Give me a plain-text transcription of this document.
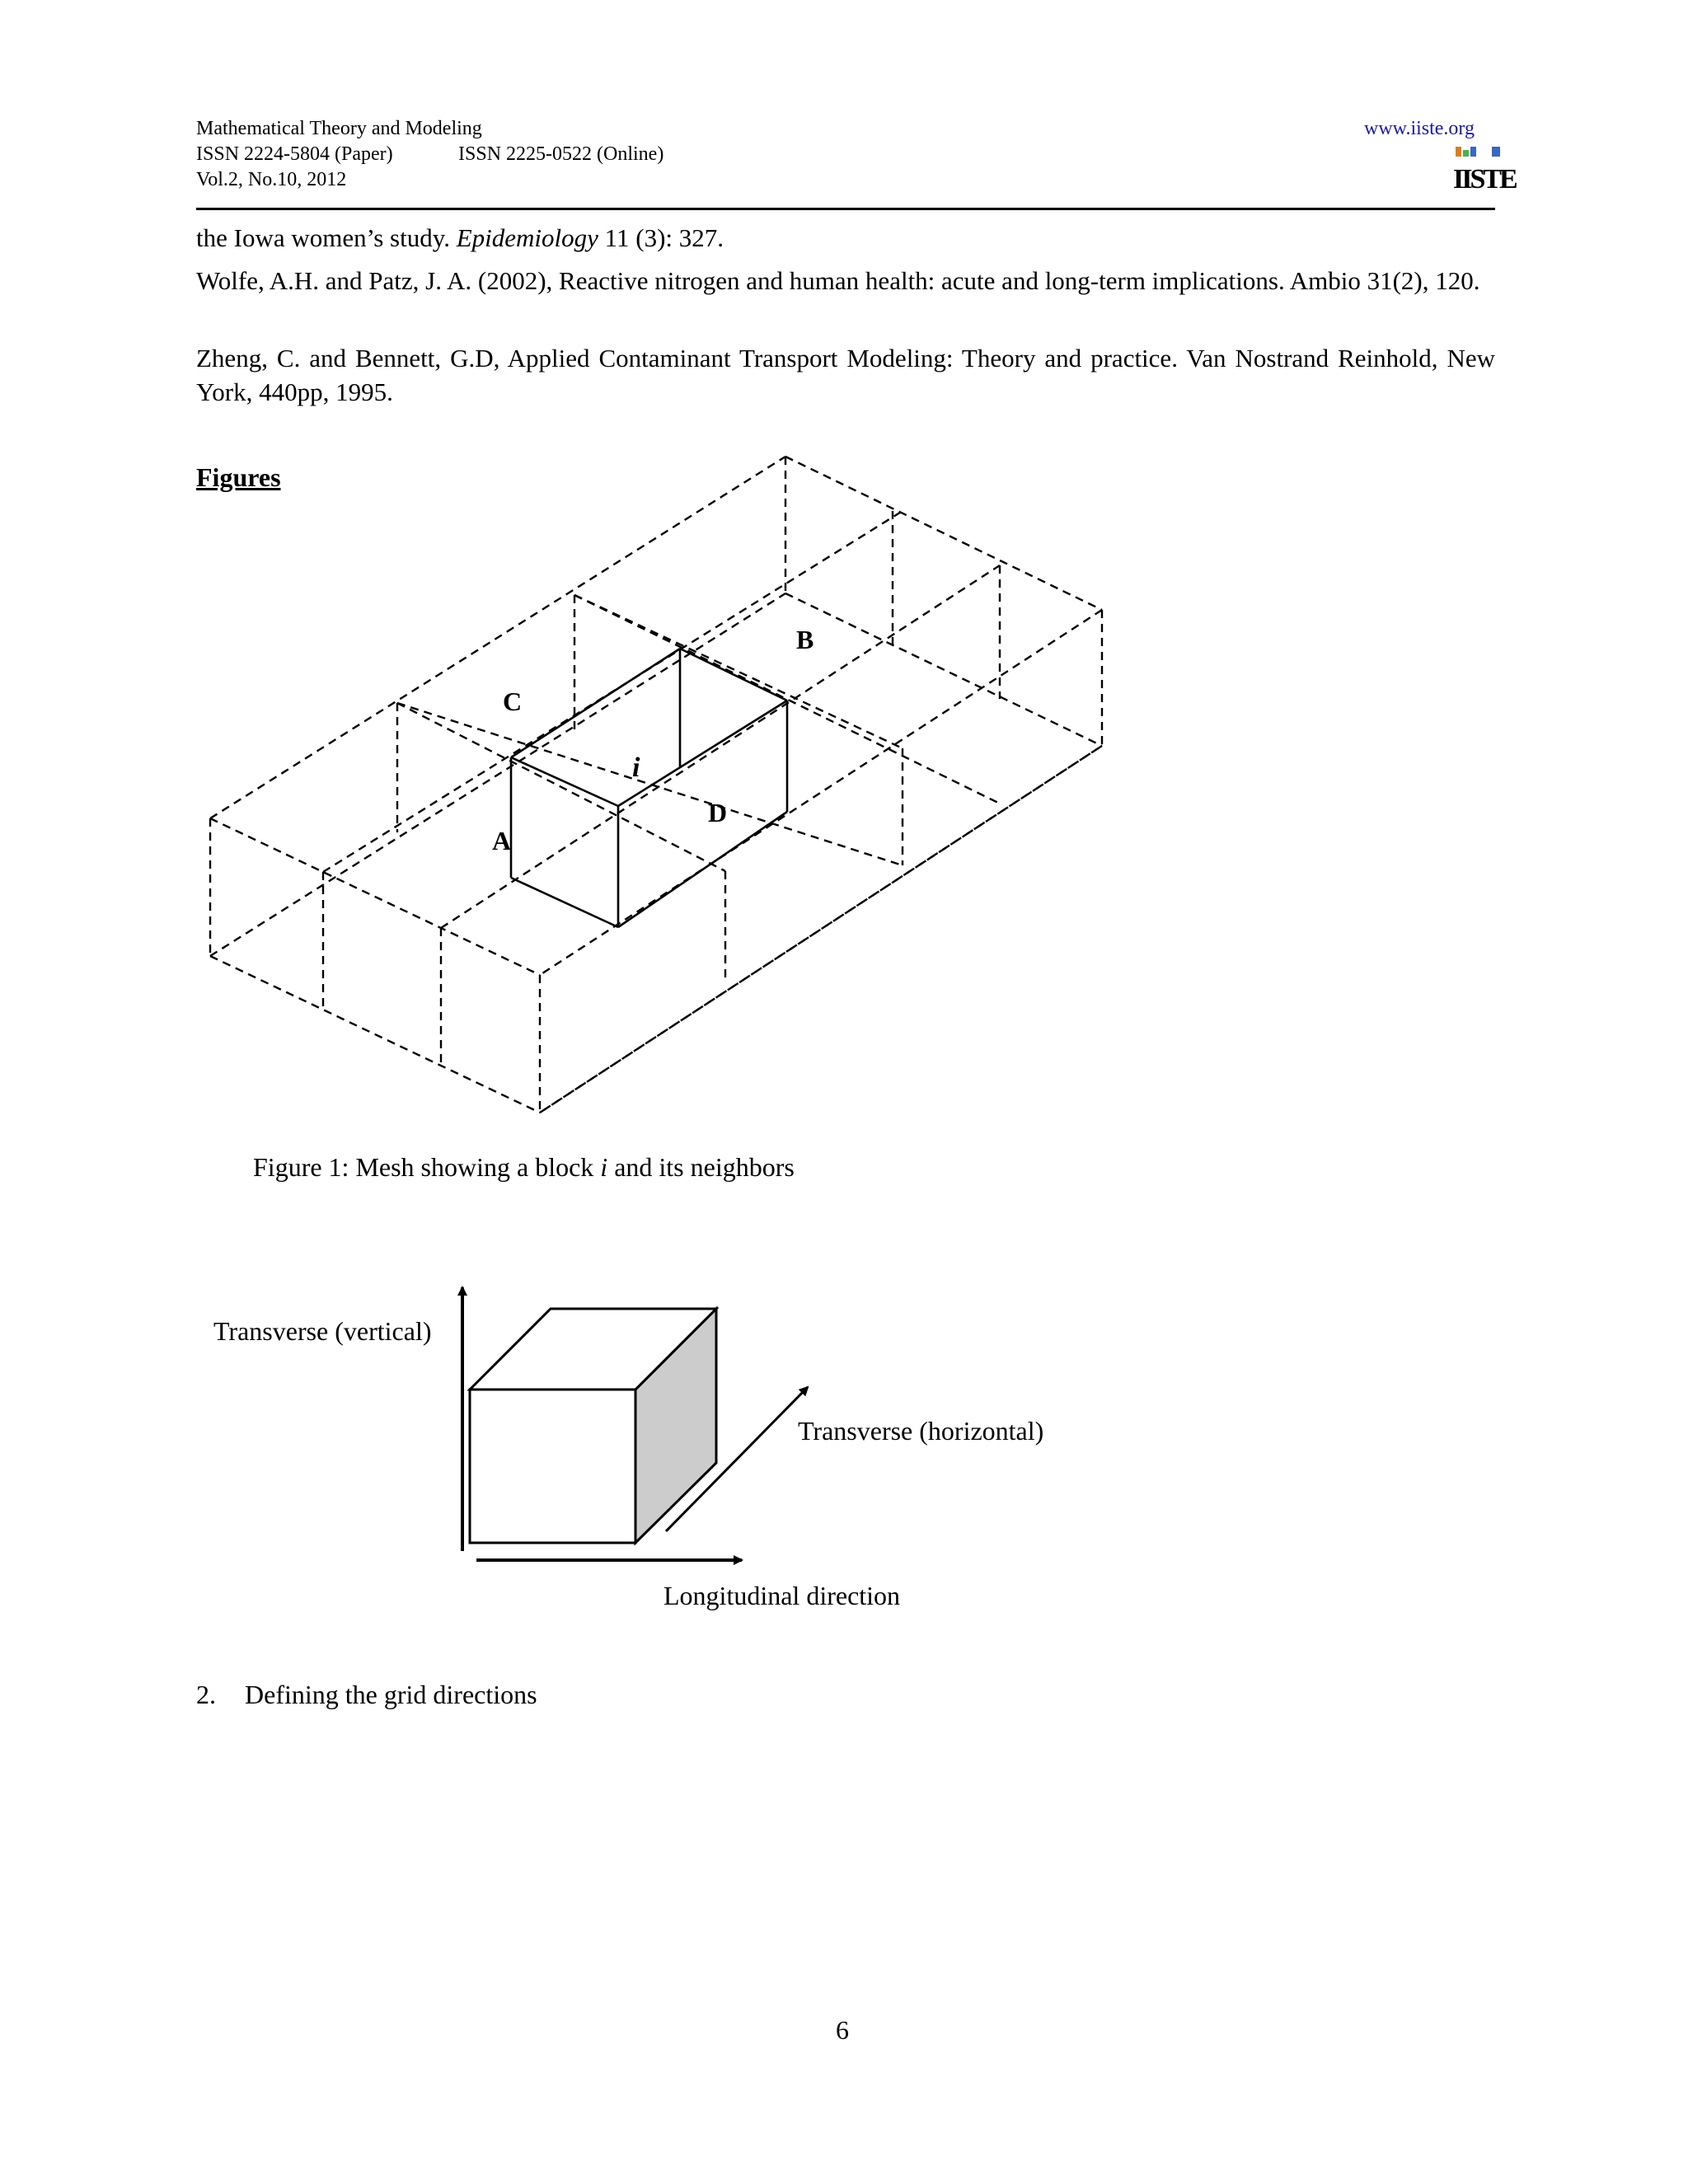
Mathematical Theory and Modeling
ISSN 2224-5804 (Paper)	ISSN 2225-0522 (Online)
Vol.2, No.10, 2012
www.iiste.org
IISTE
the Iowa women’s study. Epidemiology 11 (3): 327.
Wolfe, A.H. and Patz, J. A. (2002), Reactive nitrogen and human health: acute and long-term implications. Ambio 31(2), 120.
Zheng, C. and Bennett, G.D, Applied Contaminant Transport Modeling: Theory and practice. Van Nostrand Reinhold, New York, 440pp, 1995.
Figures
B
C
i
D
A
Figure 1: Mesh showing a block i and its neighbors
Transverse (vertical)
Transverse (horizontal)
Longitudinal direction
2. Defining the grid directions
6
